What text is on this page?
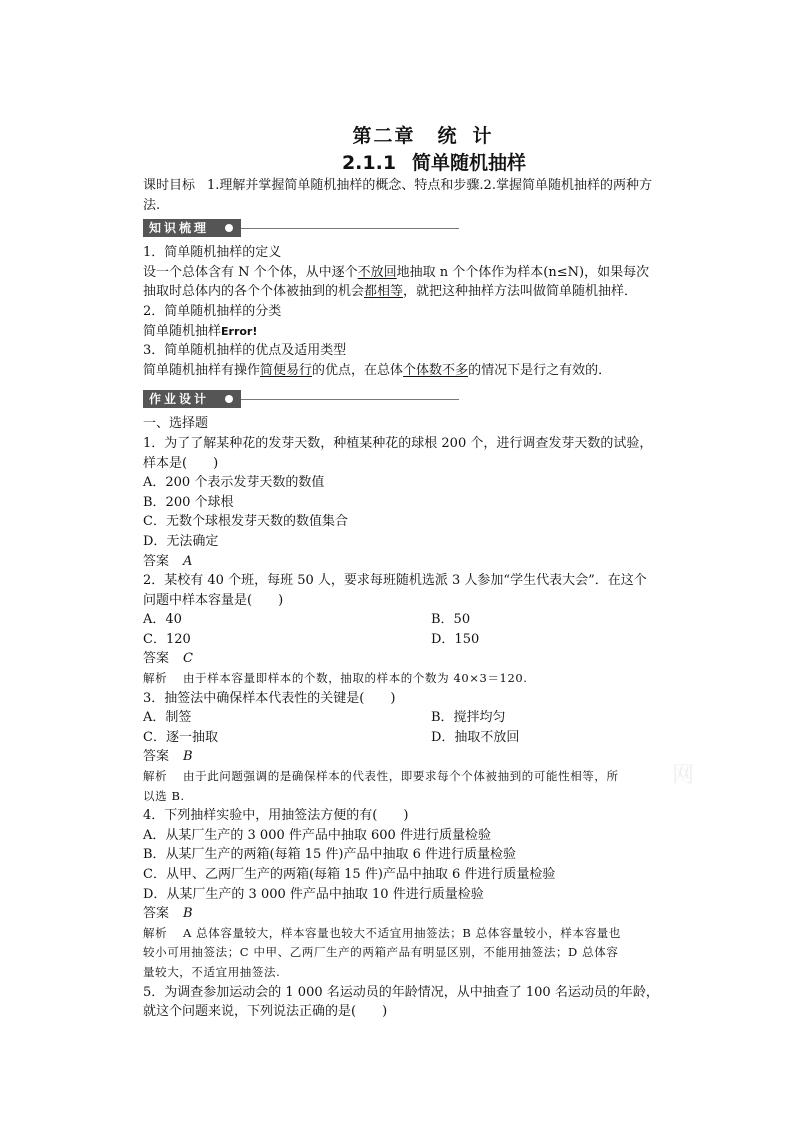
第二章 统 计
2.1.1 简单随机抽样
课时目标 1.理解并掌握简单随机抽样的概念、特点和步骤.2.掌握简单随机抽样的两种方
法.
知识梳理
1．简单随机抽样的定义
设一个总体含有 N 个个体，从中逐个不放回地抽取 n 个个体作为样本(n≤N)，如果每次
抽取时总体内的各个个体被抽到的机会都相等，就把这种抽样方法叫做简单随机抽样．
2．简单随机抽样的分类
简单随机抽样Error!
3．简单随机抽样的优点及适用类型
简单随机抽样有操作简便易行的优点，在总体个体数不多的情况下是行之有效的．
作业设计
一、选择题
1．为了了解某种花的发芽天数，种植某种花的球根 200 个，进行调查发芽天数的试验，
样本是(　　)
A．200 个表示发芽天数的数值
B．200 个球根
C．无数个球根发芽天数的数值集合
D．无法确定
答案 A
2．某校有 40 个班，每班 50 人，要求每班随机选派 3 人参加“学生代表大会”．在这个
问题中样本容量是(　　)
A．40	B．50
C．120	D．150
答案 C
解析 由于样本容量即样本的个数，抽取的样本的个数为 40×3＝120.
3．抽签法中确保样本代表性的关键是(　　)
A．制签	B．搅拌均匀
C．逐一抽取	D．抽取不放回
答案 B
解析 由于此问题强调的是确保样本的代表性，即要求每个个体被抽到的可能性相等，所
以选 B.
4．下列抽样实验中，用抽签法方便的有(　　)
A．从某厂生产的 3 000 件产品中抽取 600 件进行质量检验
B．从某厂生产的两箱(每箱 15 件)产品中抽取 6 件进行质量检验
C．从甲、乙两厂生产的两箱(每箱 15 件)产品中抽取 6 件进行质量检验
D．从某厂生产的 3 000 件产品中抽取 10 件进行质量检验
答案 B
解析 A 总体容量较大，样本容量也较大不适宜用抽签法；B 总体容量较小，样本容量也
较小可用抽签法；C 中甲、乙两厂生产的两箱产品有明显区别，不能用抽签法；D 总体容
量较大，不适宜用抽签法.
5．为调查参加运动会的 1 000 名运动员的年龄情况，从中抽查了 100 名运动员的年龄，
就这个问题来说，下列说法正确的是(　　)
网
